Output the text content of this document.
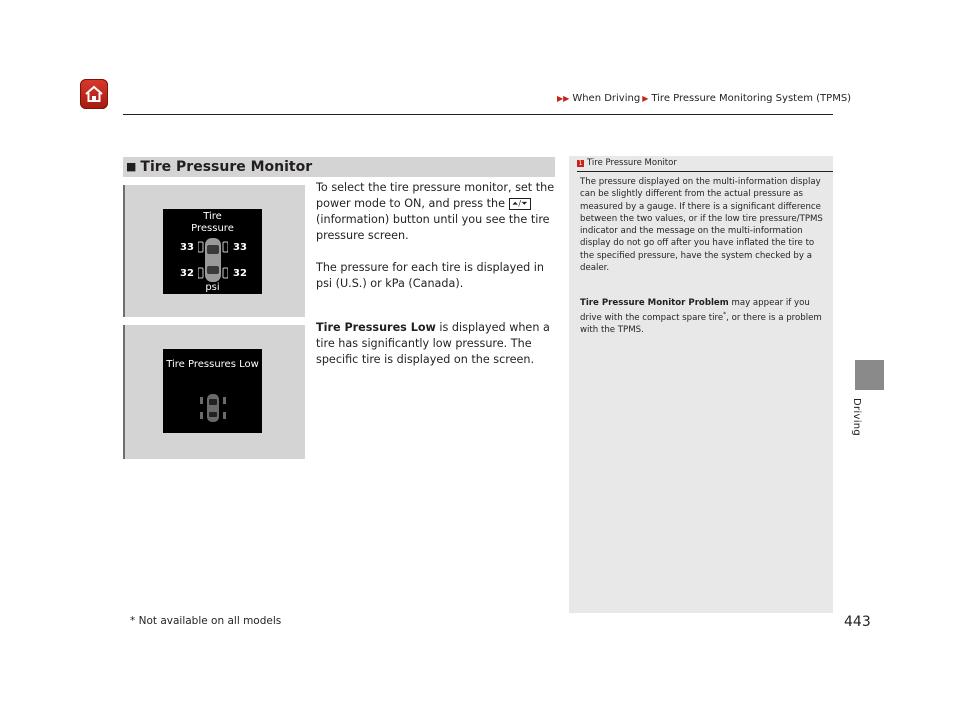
▶▶ When Driving ▶ Tire Pressure Monitoring System (TPMS)
Driving
■ Tire Pressure Monitor
Tire
Pressure
33	33
32	32
psi
Tire Pressures Low
To select the tire pressure monitor, set the power mode to ON, and press the ⏶/⏷ (information) button until you see the tire pressure screen.
The pressure for each tire is displayed in psi (U.S.) or kPa (Canada).
Tire Pressures Low is displayed when a tire has significantly low pressure. The specific tire is displayed on the screen.
1 Tire Pressure Monitor
The pressure displayed on the multi-information display can be slightly different from the actual pressure as measured by a gauge. If there is a significant difference between the two values, or if the low tire pressure/TPMS indicator and the message on the multi-information display do not go off after you have inflated the tire to the specified pressure, have the system checked by a dealer.
Tire Pressure Monitor Problem may appear if you drive with the compact spare tire*, or there is a problem with the TPMS.
* Not available on all models	443
